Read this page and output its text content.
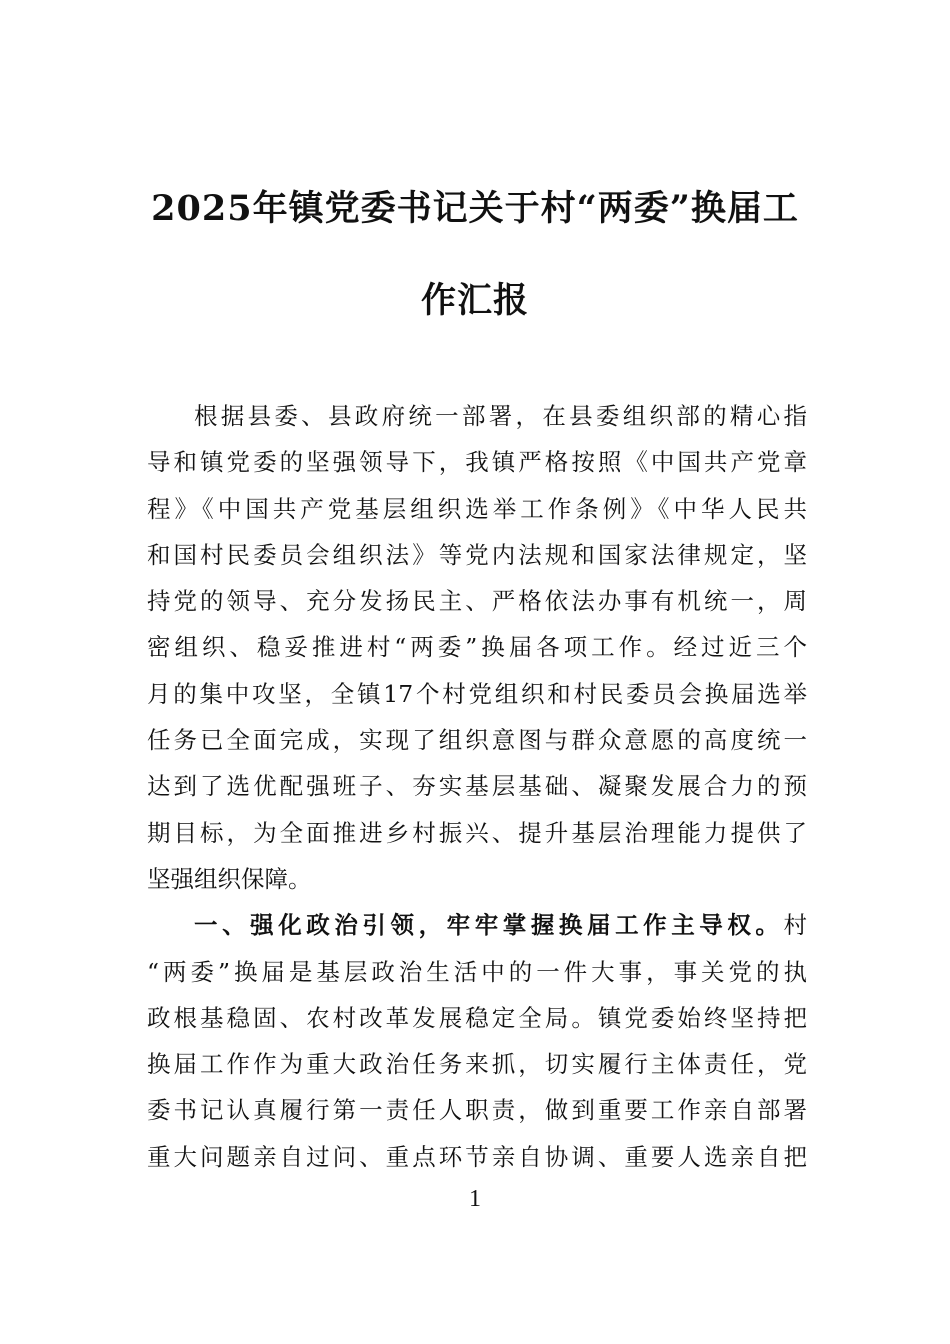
2025年镇党委书记关于村“两委”换届工
作汇报
根据县委、县政府统一部署，在县委组织部的精心指
导和镇党委的坚强领导下，我镇严格按照《中国共产党章
程》《中国共产党基层组织选举工作条例》《中华人民共
和国村民委员会组织法》等党内法规和国家法律规定，坚
持党的领导、充分发扬民主、严格依法办事有机统一，周
密组织、稳妥推进村“两委”换届各项工作。经过近三个
月的集中攻坚，全镇17个村党组织和村民委员会换届选举
任务已全面完成，实现了组织意图与群众意愿的高度统一
达到了选优配强班子、夯实基层基础、凝聚发展合力的预
期目标，为全面推进乡村振兴、提升基层治理能力提供了
坚强组织保障。
一、强化政治引领，牢牢掌握换届工作主导权。村
“两委”换届是基层政治生活中的一件大事，事关党的执
政根基稳固、农村改革发展稳定全局。镇党委始终坚持把
换届工作作为重大政治任务来抓，切实履行主体责任，党
委书记认真履行第一责任人职责，做到重要工作亲自部署
重大问题亲自过问、重点环节亲自协调、重要人选亲自把
1
